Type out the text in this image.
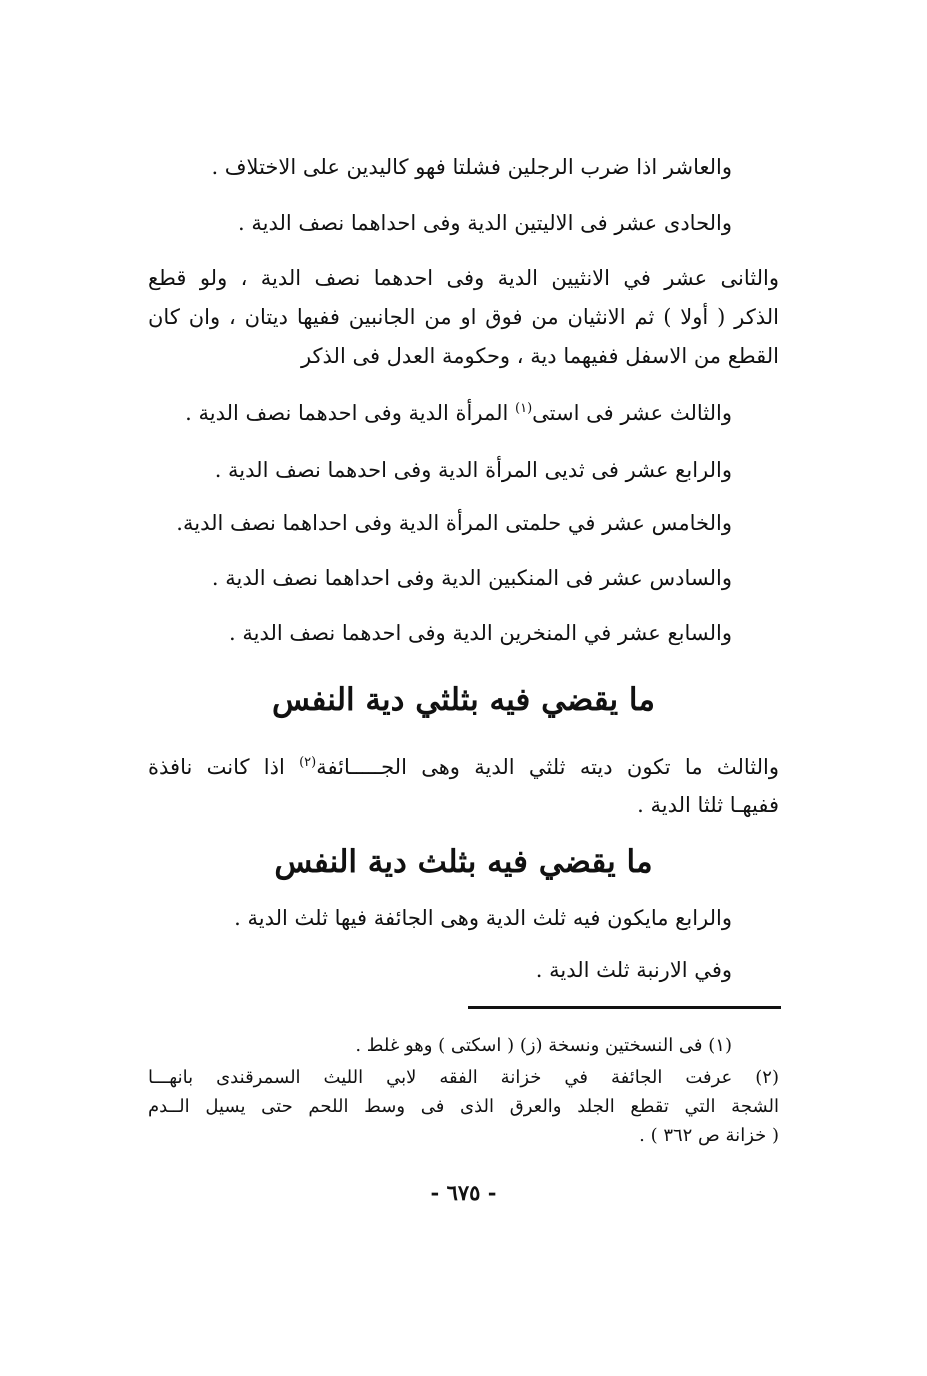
والعاشر اذا ضرب الرجلين فشلتا فهو كاليدين على الاختلاف .
والحادى عشر فى الاليتين الدية وفى احداهما نصف الدية .
والثانى عشر في الانثيين الدية وفى احدهما نصف الدية ، ولو قطع
الذكر ( أولا ) ثم الانثيان من فوق او من الجانبين ففيها ديتان ، وان كان
القطع من الاسفل ففيهما دية ، وحكومة العدل فى الذكر
والثالث عشر فى استى$^{(١)}$ المرأة الدية وفى احدهما نصف الدية .
والرابع عشر فى ثديى المرأة الدية وفى احدهما نصف الدية .
والخامس عشر في حلمتى المرأة الدية وفى احداهما نصف الدية.
والسادس عشر فى المنكبين الدية وفى احداهما نصف الدية .
والسابع عشر في المنخرين الدية وفى احدهما نصف الدية .
ما يقضي فيه بثلثي دية النفس
والثالث ما تكون ديته ثلثي الدية وهى الجـــــائفة$^{(٢)}$ اذا كانت نافذة
ففيهـا ثلثا الدية .
ما يقضي فيه بثلث دية النفس
والرابع مايكون فيه ثلث الدية وهى الجائفة فيها ثلث الدية .
وفي الارنبة ثلث الدية .
(١) فى النسختين ونسخة (ز) ( اسكتى ) وهو غلط .
(٢) عرفت الجائفة في خزانة الفقه لابي الليث السمرقندى بانهـــا
الشجة التي تقطع الجلد والعرق الذى فى وسط اللحم حتى يسيل الــدم
( خزانة ص ٣٦٢ ) .
- ٦٧٥ -
